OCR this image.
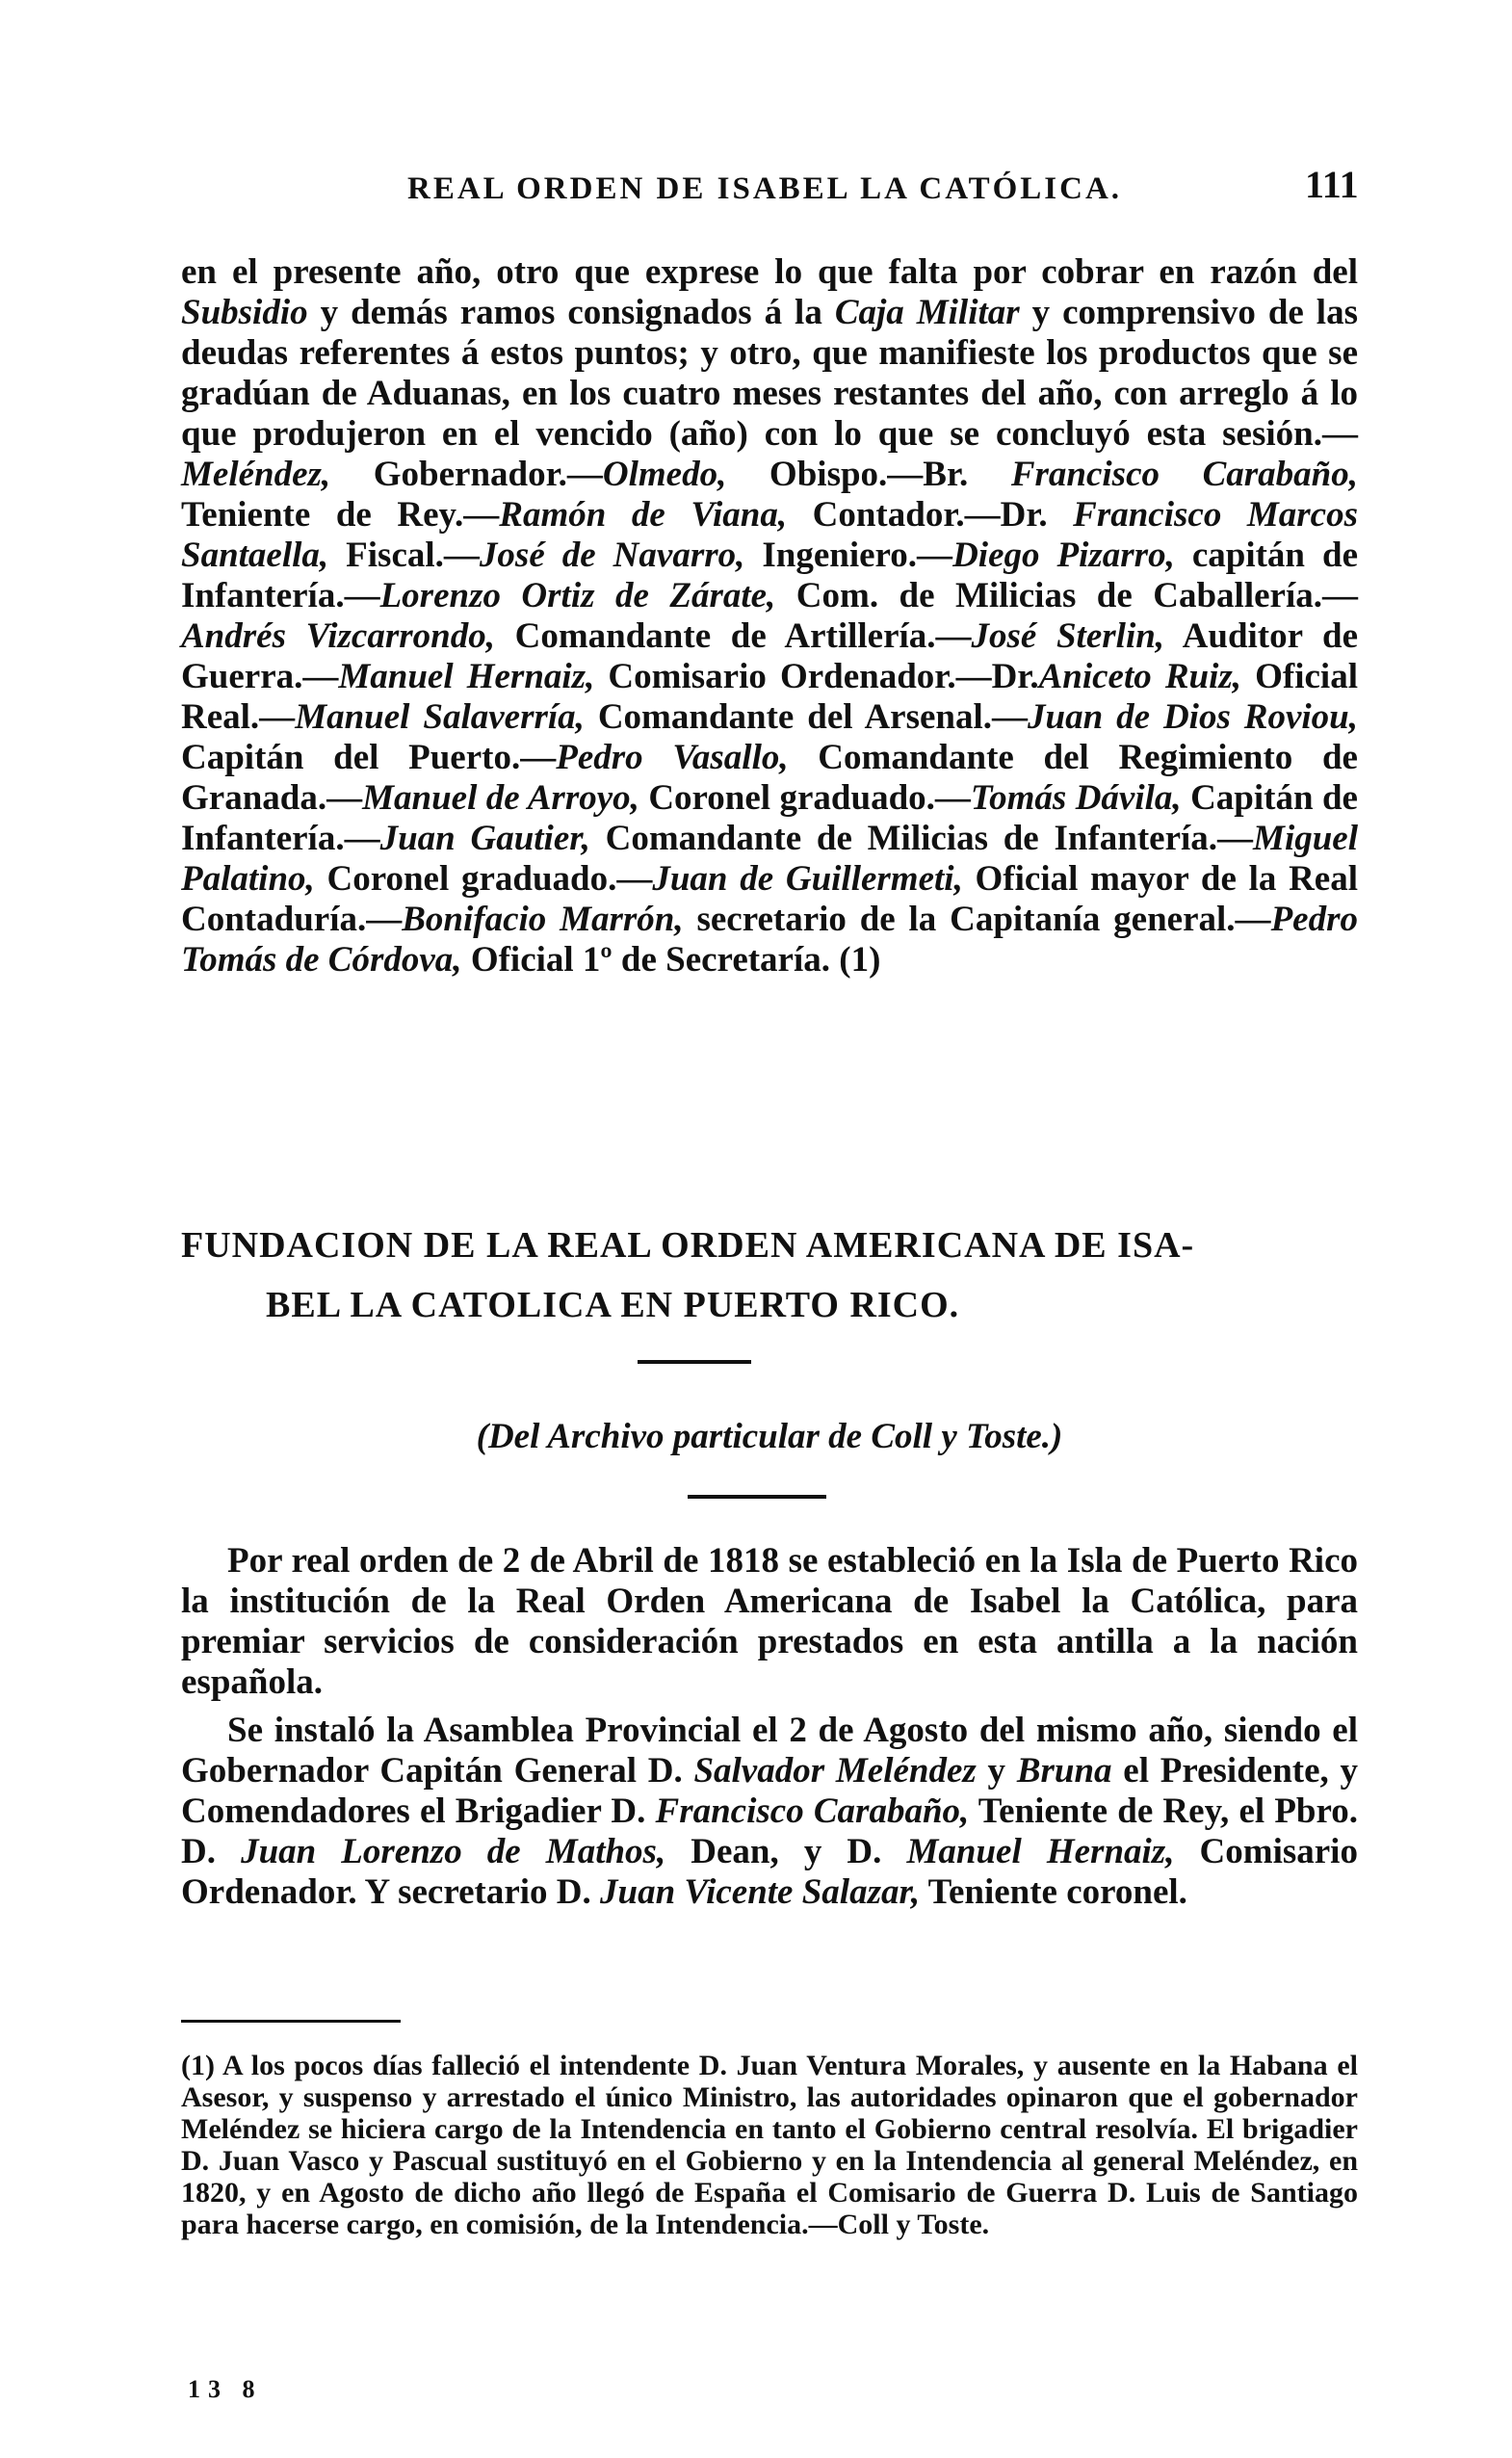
REAL ORDEN DE ISABEL LA CATÓLICA.	111

en el presente año, otro que exprese lo que falta por cobrar en razón del Subsidio y demás ramos consignados á la Caja Militar y comprensivo de las deudas referentes á estos puntos; y otro, que manifieste los productos que se gradúan de Aduanas, en los cuatro meses restantes del año, con arreglo á lo que produjeron en el vencido (año) con lo que se concluyó esta sesión.—Meléndez, Gobernador.—Olmedo, Obispo.—Br. Francisco Carabaño, Teniente de Rey.—Ramón de Viana, Contador.—Dr. Francisco Marcos Santaella, Fiscal.—José de Navarro, Ingeniero.—Diego Pizarro, capitán de Infantería.—Lorenzo Ortiz de Zárate, Com. de Milicias de Caballería.—Andrés Vizcarrondo, Comandante de Artillería.—José Sterlin, Auditor de Guerra.—Manuel Hernaiz, Comisario Ordenador.—Dr.Aniceto Ruiz, Oficial Real.—Manuel Salaverría, Comandante del Arsenal.—Juan de Dios Roviou, Capitán del Puerto.—Pedro Vasallo, Comandante del Regimiento de Granada.—Manuel de Arroyo, Coronel graduado.—Tomás Dávila, Capitán de Infantería.—Juan Gautier, Comandante de Milicias de Infantería.—Miguel Palatino, Coronel graduado.—Juan de Guillermeti, Oficial mayor de la Real Contaduría.—Bonifacio Marrón, secretario de la Capitanía general.—Pedro Tomás de Córdova, Oficial 1º de Secretaría. (1)

FUNDACION DE LA REAL ORDEN AMERICANA DE ISA-
BEL LA CATOLICA EN PUERTO RICO.
(Del Archivo particular de Coll y Toste.)

Por real orden de 2 de Abril de 1818 se estableció en la Isla de Puerto Rico la institución de la Real Orden Americana de Isabel la Católica, para premiar servicios de consideración prestados en esta antilla a la nación española.

Se instaló la Asamblea Provincial el 2 de Agosto del mismo año, siendo el Gobernador Capitán General D. Salvador Meléndez y Bruna el Presidente, y Comendadores el Brigadier D. Francisco Carabaño, Teniente de Rey, el Pbro. D. Juan Lorenzo de Mathos, Dean, y D. Manuel Hernaiz, Comisario Ordenador. Y secretario D. Juan Vicente Salazar, Teniente coronel.

(1) A los pocos días falleció el intendente D. Juan Ventura Morales, y ausente en la Habana el Asesor, y suspenso y arrestado el único Ministro, las autoridades opinaron que el gobernador Meléndez se hiciera cargo de la Intendencia en tanto el Gobierno central resolvía. El brigadier D. Juan Vasco y Pascual sustituyó en el Gobierno y en la Intendencia al general Meléndez, en 1820, y en Agosto de dicho año llegó de España el Comisario de Guerra D. Luis de Santiago para hacerse cargo, en comisión, de la Intendencia.—Coll y Toste.
13 8
